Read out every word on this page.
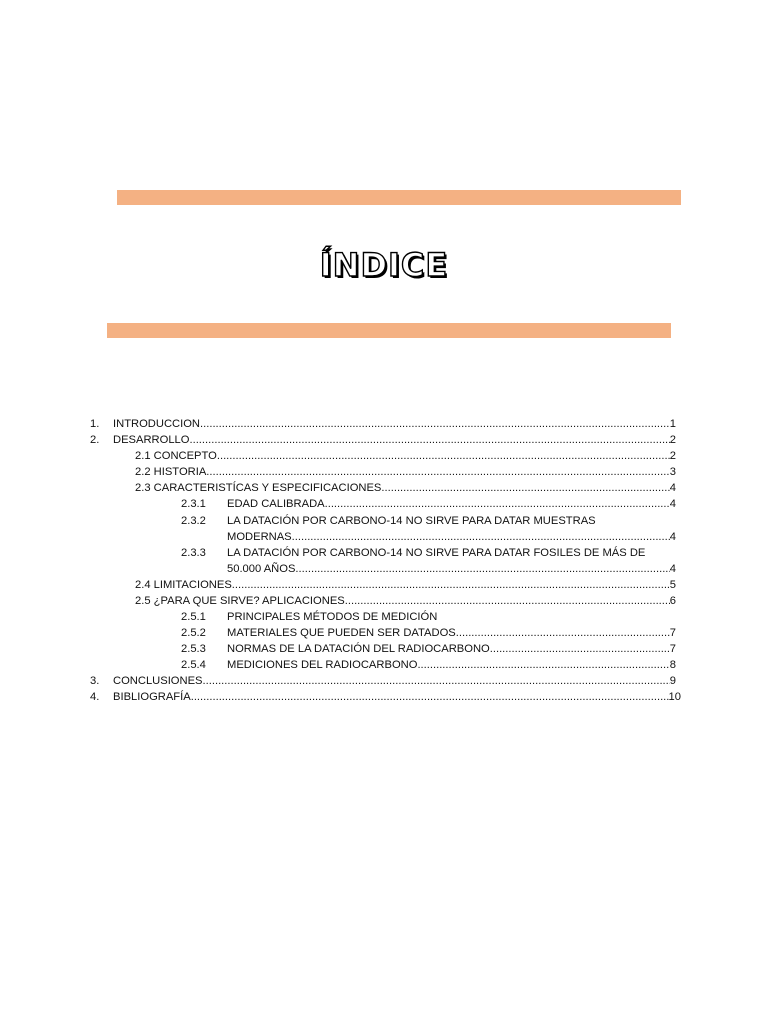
ÍNDICE
1. INTRODUCCION .....	1
2. DESARROLLO .....	2
2.1 CONCEPTO .....	2
2.2 HISTORIA .....	3
2.3 CARACTERISTÍCAS Y ESPECIFICACIONES .....	4
2.3.1 EDAD CALIBRADA .....	4
2.3.2 LA DATACIÓN POR CARBONO-14 NO SIRVE PARA DATAR MUESTRAS
MODERNAS .....	4
2.3.3 LA DATACIÓN POR CARBONO-14 NO SIRVE PARA DATAR FOSILES DE MÁS DE
50.000 AÑOS .....	4
2.4 LIMITACIONES .....	5
2.5 ¿PARA QUE SIRVE? APLICACIONES .....	6
2.5.1 PRINCIPALES MÉTODOS DE MEDICIÓN
2.5.2 MATERIALES QUE PUEDEN SER DATADOS .....	7
2.5.3 NORMAS DE LA DATACIÓN DEL RADIOCARBONO .....	7
2.5.4 MEDICIONES DEL RADIOCARBONO .....	8
3. CONCLUSIONES .....	9
4. BIBLIOGRAFÍA .....	10
